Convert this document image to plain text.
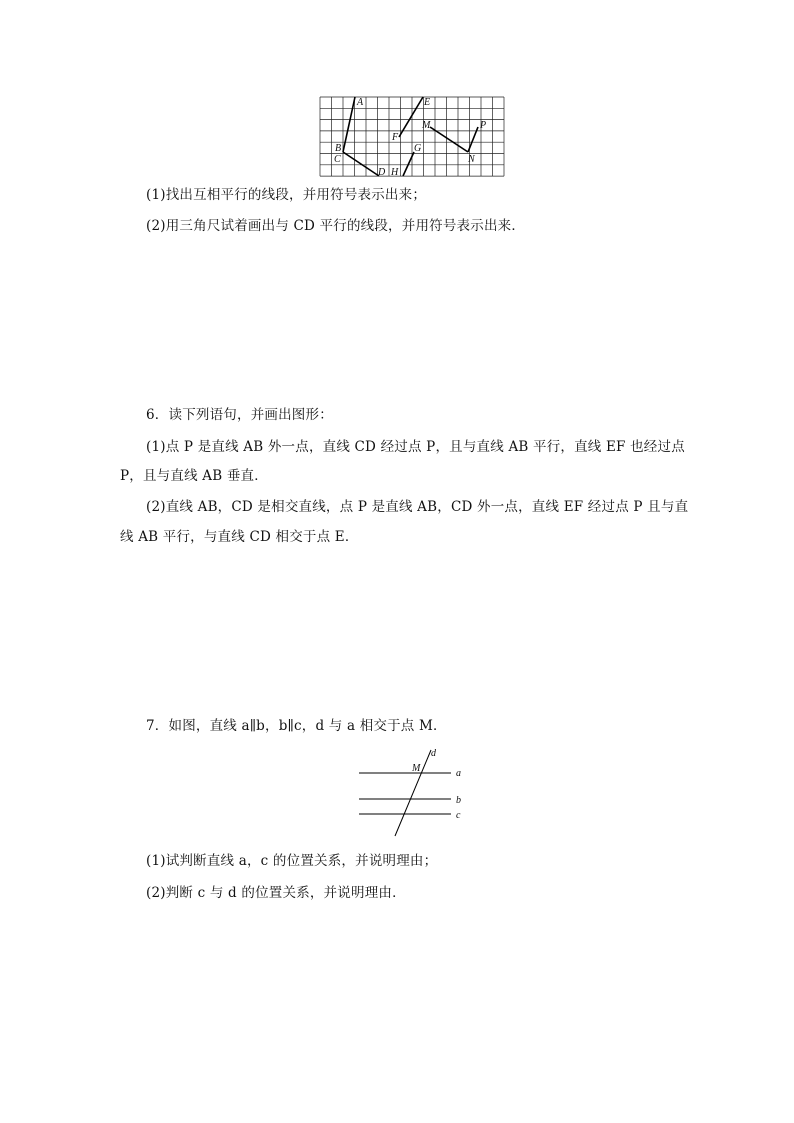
A
B
C
D
E
F
G
H
M
N
P
(1)找出互相平行的线段，并用符号表示出来；
(2)用三角尺试着画出与 CD 平行的线段，并用符号表示出来．
6．读下列语句，并画出图形：
(1)点 P 是直线 AB 外一点，直线 CD 经过点 P，且与直线 AB 平行，直线 EF 也经过点
P，且与直线 AB 垂直．
(2)直线 AB，CD 是相交直线，点 P 是直线 AB，CD 外一点，直线 EF 经过点 P 且与直
线 AB 平行，与直线 CD 相交于点 E．
7．如图，直线 a∥b，b∥c，d 与 a 相交于点 M．
d
M	a
b
c
(1)试判断直线 a，c 的位置关系，并说明理由；
(2)判断 c 与 d 的位置关系，并说明理由．
